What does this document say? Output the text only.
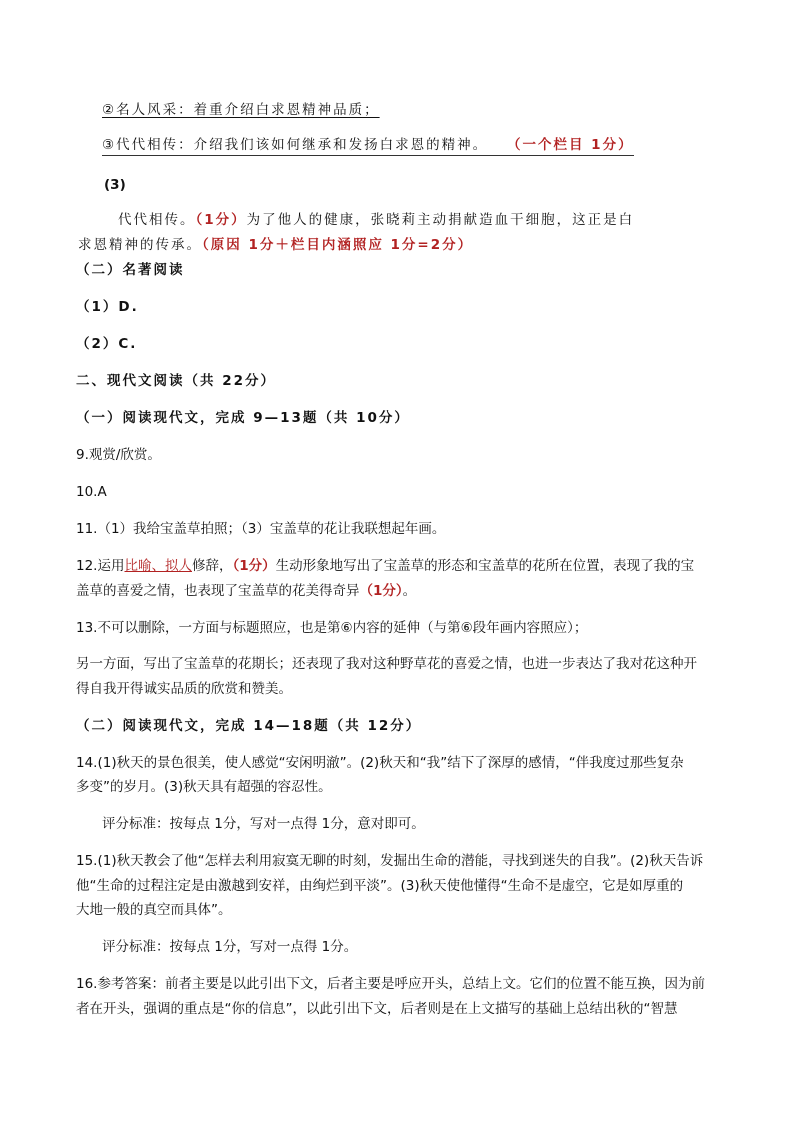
②名人风采：着重介绍白求恩精神品质；
③代代相传：介绍我们该如何继承和发扬白求恩的精神。 （一个栏目 1分）
(3)
代代相传。（1分）为了他人的健康，张晓莉主动捐献造血干细胞，这正是白
求恩精神的传承。（原因 1分＋栏目内涵照应 1分=2分）
（二）名著阅读
（1）D.
（2）C.
二、现代文阅读（共 22分）
（一）阅读现代文，完成 9—13题（共 10分）
9.观赏/欣赏。
10.A
11.（1）我给宝盖草拍照；（3）宝盖草的花让我联想起年画。
12.运用比喻、拟人修辞，（1分）生动形象地写出了宝盖草的形态和宝盖草的花所在位置，表现了我的宝
盖草的喜爱之情，也表现了宝盖草的花美得奇异（1分）。
13.不可以删除，一方面与标题照应，也是第⑥内容的延伸（与第⑥段年画内容照应）；
另一方面，写出了宝盖草的花期长；还表现了我对这种野草花的喜爱之情，也进一步表达了我对花这种开
得自我开得诚实品质的欣赏和赞美。
（二）阅读现代文，完成 14—18题（共 12分）
14.(1)秋天的景色很美，使人感觉“安闲明澈”。(2)秋天和“我”结下了深厚的感情，“伴我度过那些复杂
多变”的岁月。(3)秋天具有超强的容忍性。
评分标准：按每点 1分，写对一点得 1分，意对即可。
15.(1)秋天教会了他“怎样去利用寂寞无聊的时刻，发掘出生命的潜能，寻找到迷失的自我”。(2)秋天告诉
他“生命的过程注定是由激越到安祥，由绚烂到平淡”。(3)秋天使他懂得“生命不是虚空，它是如厚重的
大地一般的真空而具体”。
评分标准：按每点 1分，写对一点得 1分。
16.参考答案：前者主要是以此引出下文，后者主要是呼应开头，总结上文。它们的位置不能互换，因为前
者在开头，强调的重点是“你的信息”，以此引出下文，后者则是在上文描写的基础上总结出秋的“智慧
